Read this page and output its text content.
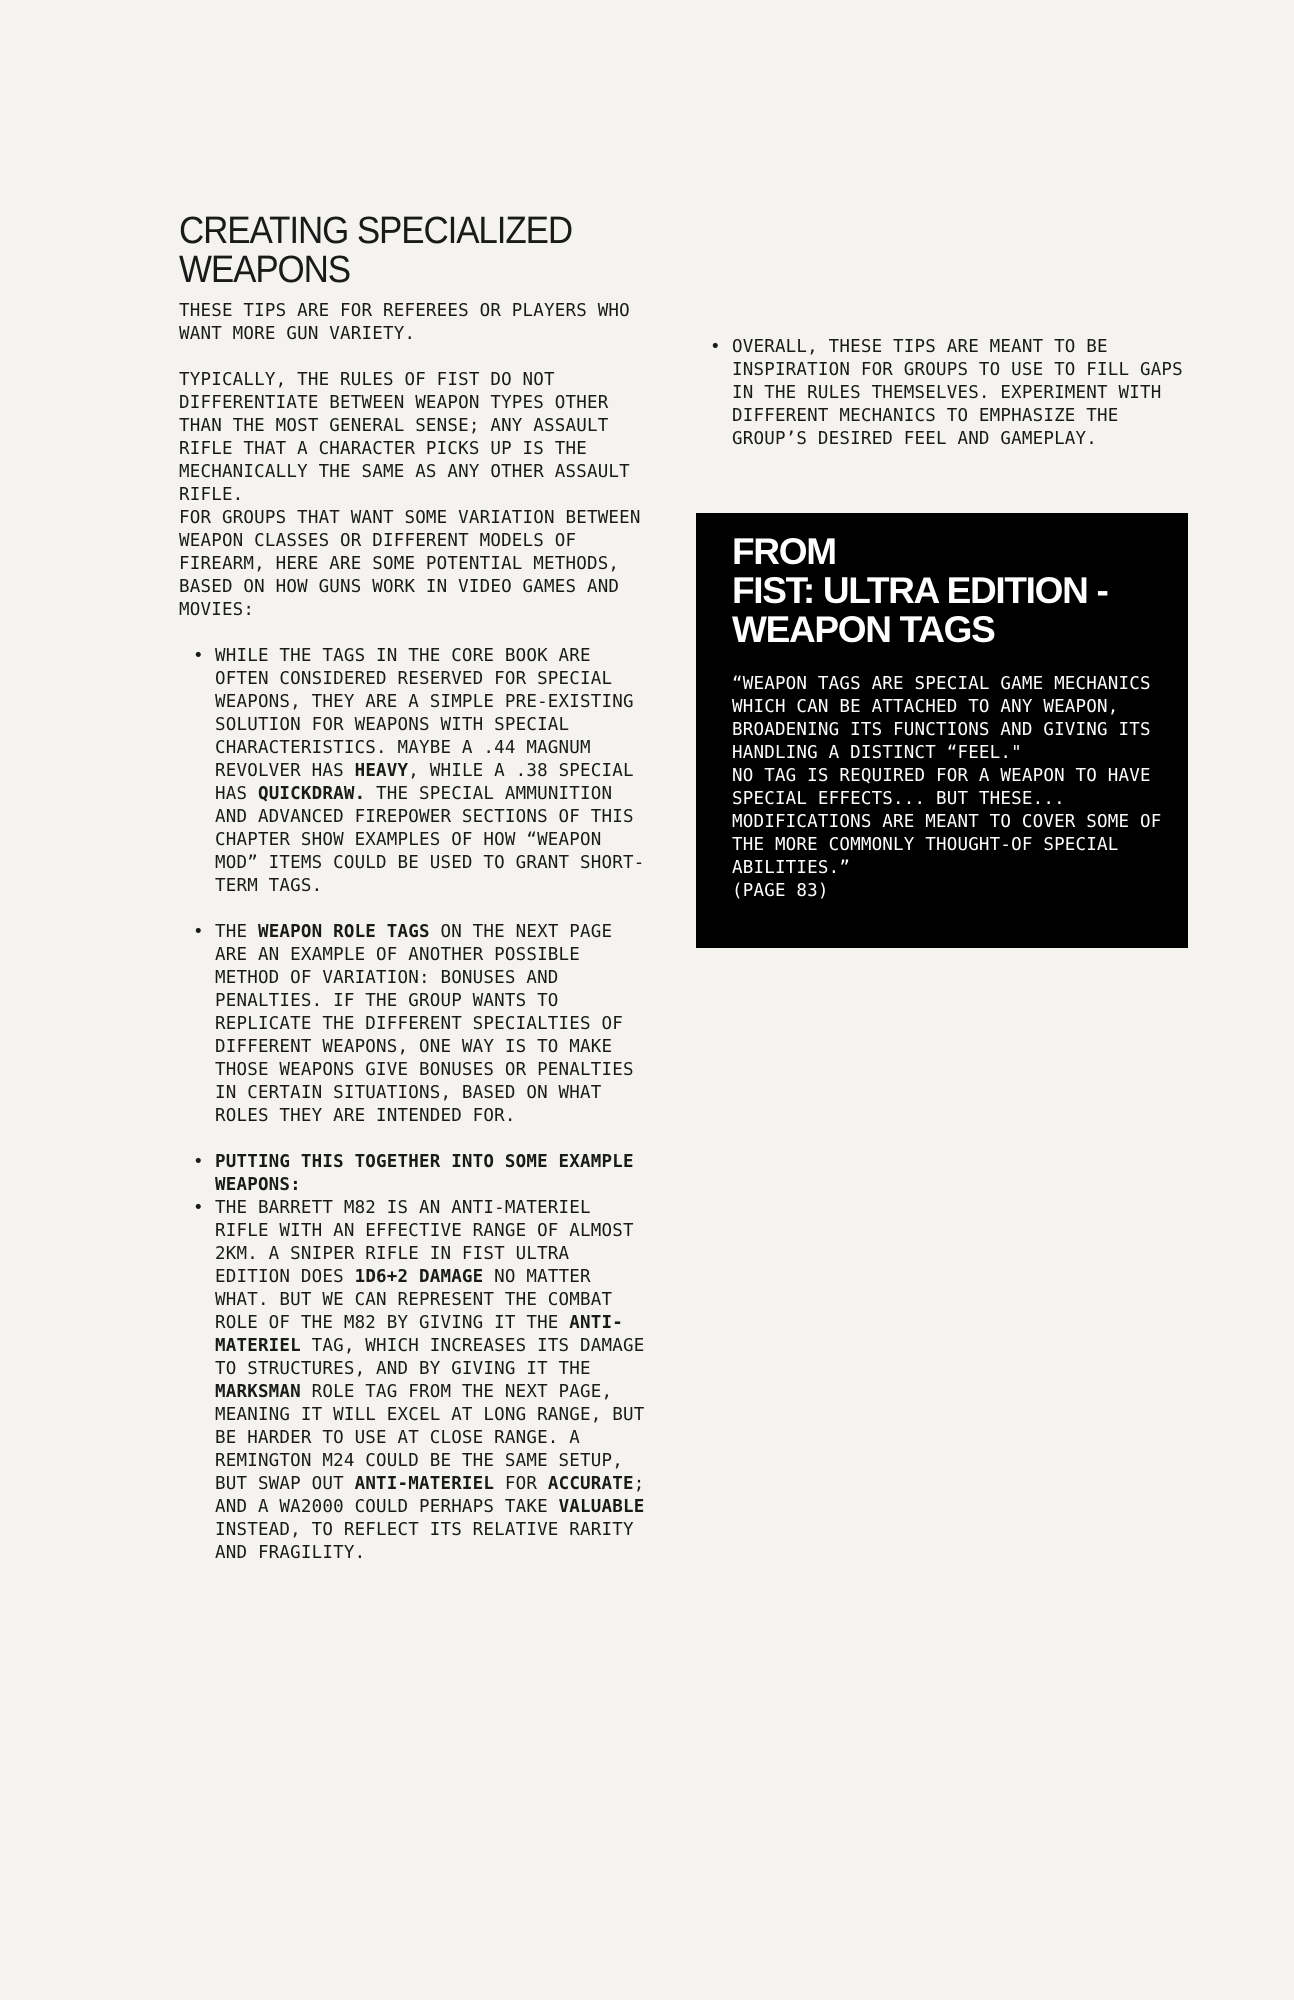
CREATING SPECIALIZED WEAPONS

THESE TIPS ARE FOR REFEREES OR PLAYERS WHO WANT MORE GUN VARIETY.

TYPICALLY, THE RULES OF FIST DO NOT DIFFERENTIATE BETWEEN WEAPON TYPES OTHER THAN THE MOST GENERAL SENSE; ANY ASSAULT RIFLE THAT A CHARACTER PICKS UP IS THE MECHANICALLY THE SAME AS ANY OTHER ASSAULT RIFLE.

FOR GROUPS THAT WANT SOME VARIATION BETWEEN WEAPON CLASSES OR DIFFERENT MODELS OF FIREARM, HERE ARE SOME POTENTIAL METHODS, BASED ON HOW GUNS WORK IN VIDEO GAMES AND MOVIES:

• WHILE THE TAGS IN THE CORE BOOK ARE OFTEN CONSIDERED RESERVED FOR SPECIAL WEAPONS, THEY ARE A SIMPLE PRE-EXISTING SOLUTION FOR WEAPONS WITH SPECIAL CHARACTERISTICS. MAYBE A .44 MAGNUM REVOLVER HAS HEAVY, WHILE A .38 SPECIAL HAS QUICKDRAW. THE SPECIAL AMMUNITION AND ADVANCED FIREPOWER SECTIONS OF THIS CHAPTER SHOW EXAMPLES OF HOW “WEAPON MOD” ITEMS COULD BE USED TO GRANT SHORT-TERM TAGS.
• THE WEAPON ROLE TAGS ON THE NEXT PAGE ARE AN EXAMPLE OF ANOTHER POSSIBLE METHOD OF VARIATION: BONUSES AND PENALTIES. IF THE GROUP WANTS TO REPLICATE THE DIFFERENT SPECIALTIES OF DIFFERENT WEAPONS, ONE WAY IS TO MAKE THOSE WEAPONS GIVE BONUSES OR PENALTIES IN CERTAIN SITUATIONS, BASED ON WHAT ROLES THEY ARE INTENDED FOR.
• PUTTING THIS TOGETHER INTO SOME EXAMPLE WEAPONS:
• THE BARRETT M82 IS AN ANTI-MATERIEL RIFLE WITH AN EFFECTIVE RANGE OF ALMOST 2KM. A SNIPER RIFLE IN FIST ULTRA EDITION DOES 1D6+2 DAMAGE NO MATTER WHAT. BUT WE CAN REPRESENT THE COMBAT ROLE OF THE M82 BY GIVING IT THE ANTI-MATERIEL TAG, WHICH INCREASES ITS DAMAGE TO STRUCTURES, AND BY GIVING IT THE MARKSMAN ROLE TAG FROM THE NEXT PAGE, MEANING IT WILL EXCEL AT LONG RANGE, BUT BE HARDER TO USE AT CLOSE RANGE. A REMINGTON M24 COULD BE THE SAME SETUP, BUT SWAP OUT ANTI-MATERIEL FOR ACCURATE; AND A WA2000 COULD PERHAPS TAKE VALUABLE INSTEAD, TO REFLECT ITS RELATIVE RARITY AND FRAGILITY.
• OVERALL, THESE TIPS ARE MEANT TO BE INSPIRATION FOR GROUPS TO USE TO FILL GAPS IN THE RULES THEMSELVES. EXPERIMENT WITH DIFFERENT MECHANICS TO EMPHASIZE THE GROUP’S DESIRED FEEL AND GAMEPLAY.
FROM
FIST: ULTRA EDITION -
WEAPON TAGS

“WEAPON TAGS ARE SPECIAL GAME MECHANICS WHICH CAN BE ATTACHED TO ANY WEAPON, BROADENING ITS FUNCTIONS AND GIVING ITS HANDLING A DISTINCT “FEEL."

NO TAG IS REQUIRED FOR A WEAPON TO HAVE SPECIAL EFFECTS... BUT THESE... MODIFICATIONS ARE MEANT TO COVER SOME OF THE MORE COMMONLY THOUGHT-OF SPECIAL ABILITIES.”

(PAGE 83)
